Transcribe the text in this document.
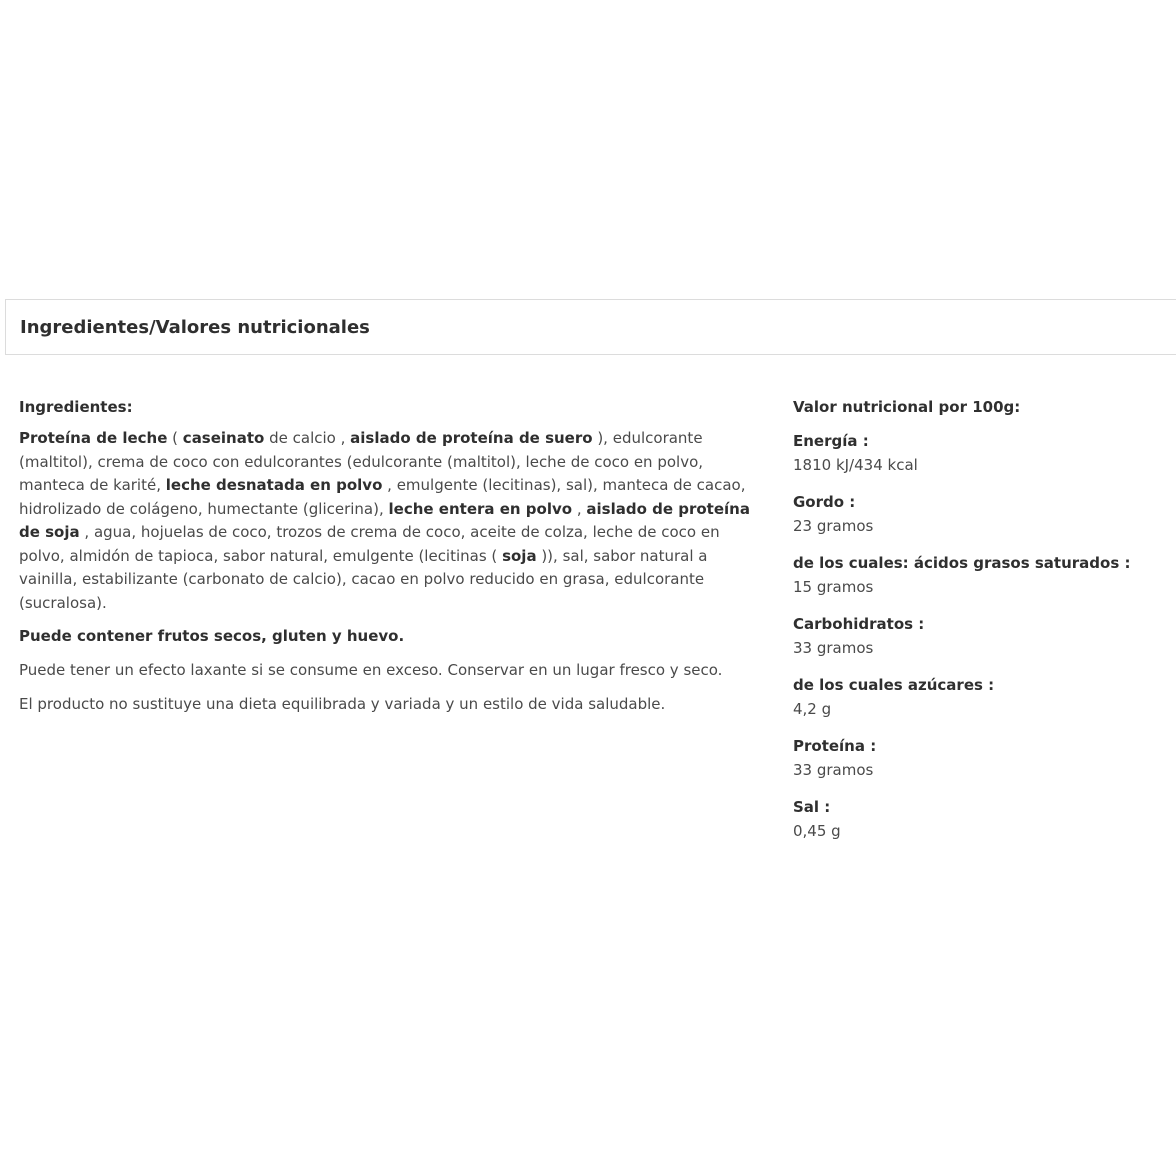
Ingredientes/Valores nutricionales
Ingredientes:

Proteína de leche ( caseinato de calcio , aislado de proteína de suero ), edulcorante (maltitol), crema de coco con edulcorantes (edulcorante (maltitol), leche de coco en polvo, manteca de karité, leche desnatada en polvo , emulgente (lecitinas), sal), manteca de cacao, hidrolizado de colágeno, humectante (glicerina), leche entera en polvo , aislado de proteína de soja , agua, hojuelas de coco, trozos de crema de coco, aceite de colza, leche de coco en polvo, almidón de tapioca, sabor natural, emulgente (lecitinas ( soja )), sal, sabor natural a vainilla, estabilizante (carbonato de calcio), cacao en polvo reducido en grasa, edulcorante (sucralosa).

Puede contener frutos secos, gluten y huevo.

Puede tener un efecto laxante si se consume en exceso. Conservar en un lugar fresco y seco.

El producto no sustituye una dieta equilibrada y variada y un estilo de vida saludable.

Valor nutricional por 100g:
Energía :
1810 kJ/434 kcal
Gordo :
23 gramos
de los cuales: ácidos grasos saturados :
15 gramos
Carbohidratos :
33 gramos
de los cuales azúcares :
4,2 g
Proteína :
33 gramos
Sal :
0,45 g
